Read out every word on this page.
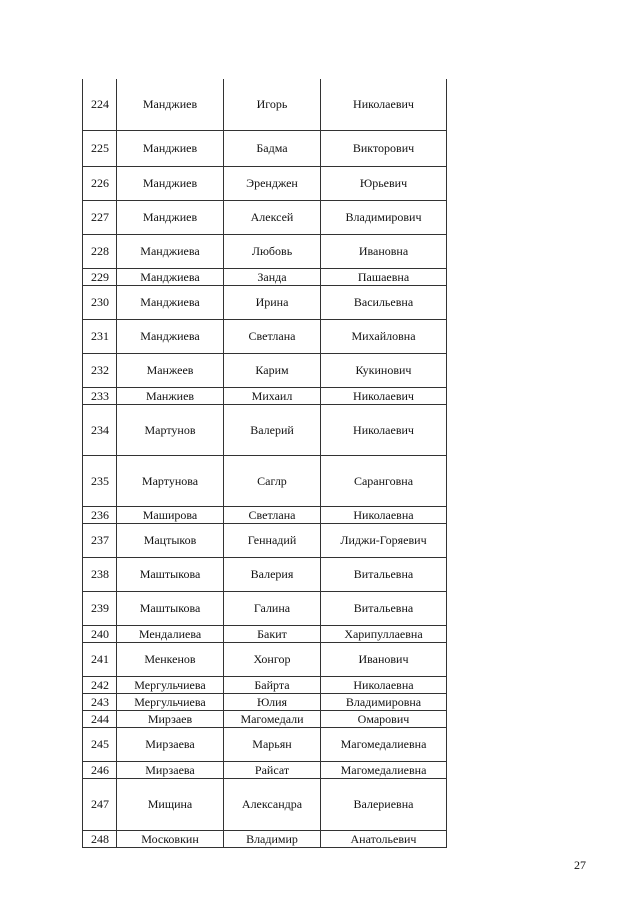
224	Манджиев	Игорь	Николаевич
225	Манджиев	Бадма	Викторович
226	Манджиев	Эренджен	Юрьевич
227	Манджиев	Алексей	Владимирович
228	Манджиева	Любовь	Ивановна
229	Манджиева	Занда	Пашаевна
230	Манджиева	Ирина	Васильевна
231	Манджиева	Светлана	Михайловна
232	Манжеев	Карим	Кукинович
233	Манжиев	Михаил	Николаевич
234	Мартунов	Валерий	Николаевич
235	Мартунова	Саглр	Саранговна
236	Маширова	Светлана	Николаевна
237	Мацтыков	Геннадий	Лиджи-Горяевич
238	Маштыкова	Валерия	Витальевна
239	Маштыкова	Галина	Витальевна
240	Мендалиева	Бакит	Харипуллаевна
241	Менкенов	Хонгор	Иванович
242	Мергульчиева	Байрта	Николаевна
243	Мергульчиева	Юлия	Владимировна
244	Мирзаев	Магомедали	Омарович
245	Мирзаева	Марьян	Магомедалиевна
246	Мирзаева	Райсат	Магомедалиевна
247	Мищина	Александра	Валериевна
248	Московкин	Владимир	Анатольевич
27
